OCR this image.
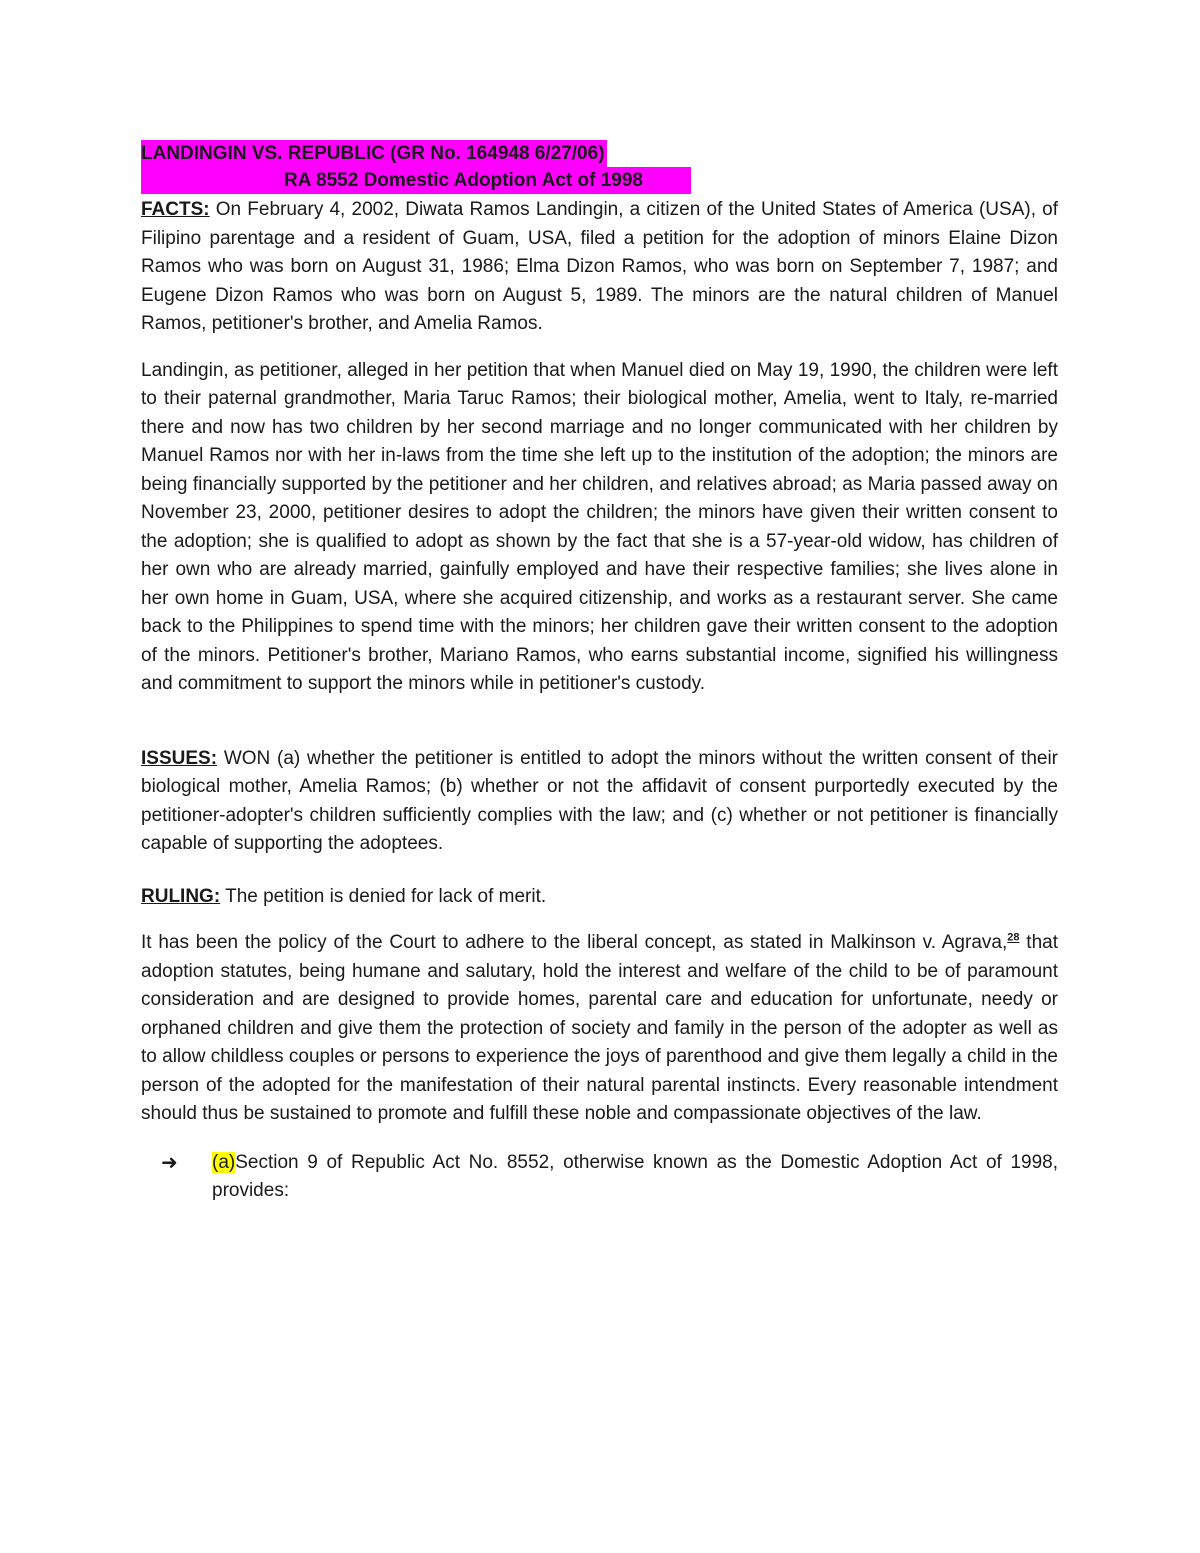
LANDINGIN VS. REPUBLIC (GR No. 164948 6/27/06)
RA 8552 Domestic Adoption Act of 1998

FACTS: On February 4, 2002, Diwata Ramos Landingin, a citizen of the United States of America (USA), of Filipino parentage and a resident of Guam, USA, filed a petition for the adoption of minors Elaine Dizon Ramos who was born on August 31, 1986; Elma Dizon Ramos, who was born on September 7, 1987; and Eugene Dizon Ramos who was born on August 5, 1989. The minors are the natural children of Manuel Ramos, petitioner's brother, and Amelia Ramos.

Landingin, as petitioner, alleged in her petition that when Manuel died on May 19, 1990, the children were left to their paternal grandmother, Maria Taruc Ramos; their biological mother, Amelia, went to Italy, re-married there and now has two children by her second marriage and no longer communicated with her children by Manuel Ramos nor with her in-laws from the time she left up to the institution of the adoption; the minors are being financially supported by the petitioner and her children, and relatives abroad; as Maria passed away on November 23, 2000, petitioner desires to adopt the children; the minors have given their written consent to the adoption; she is qualified to adopt as shown by the fact that she is a 57-year-old widow, has children of her own who are already married, gainfully employed and have their respective families; she lives alone in her own home in Guam, USA, where she acquired citizenship, and works as a restaurant server. She came back to the Philippines to spend time with the minors; her children gave their written consent to the adoption of the minors. Petitioner's brother, Mariano Ramos, who earns substantial income, signified his willingness and commitment to support the minors while in petitioner's custody.

ISSUES: WON (a) whether the petitioner is entitled to adopt the minors without the written consent of their biological mother, Amelia Ramos; (b) whether or not the affidavit of consent purportedly executed by the petitioner-adopter's children sufficiently complies with the law; and (c) whether or not petitioner is financially capable of supporting the adoptees.

RULING: The petition is denied for lack of merit.

It has been the policy of the Court to adhere to the liberal concept, as stated in Malkinson v. Agrava,$^{28}$ that adoption statutes, being humane and salutary, hold the interest and welfare of the child to be of paramount consideration and are designed to provide homes, parental care and education for unfortunate, needy or orphaned children and give them the protection of society and family in the person of the adopter as well as to allow childless couples or persons to experience the joys of parenthood and give them legally a child in the person of the adopted for the manifestation of their natural parental instincts. Every reasonable intendment should thus be sustained to promote and fulfill these noble and compassionate objectives of the law.

➜ (a)Section 9 of Republic Act No. 8552, otherwise known as the Domestic Adoption Act of 1998, provides:
